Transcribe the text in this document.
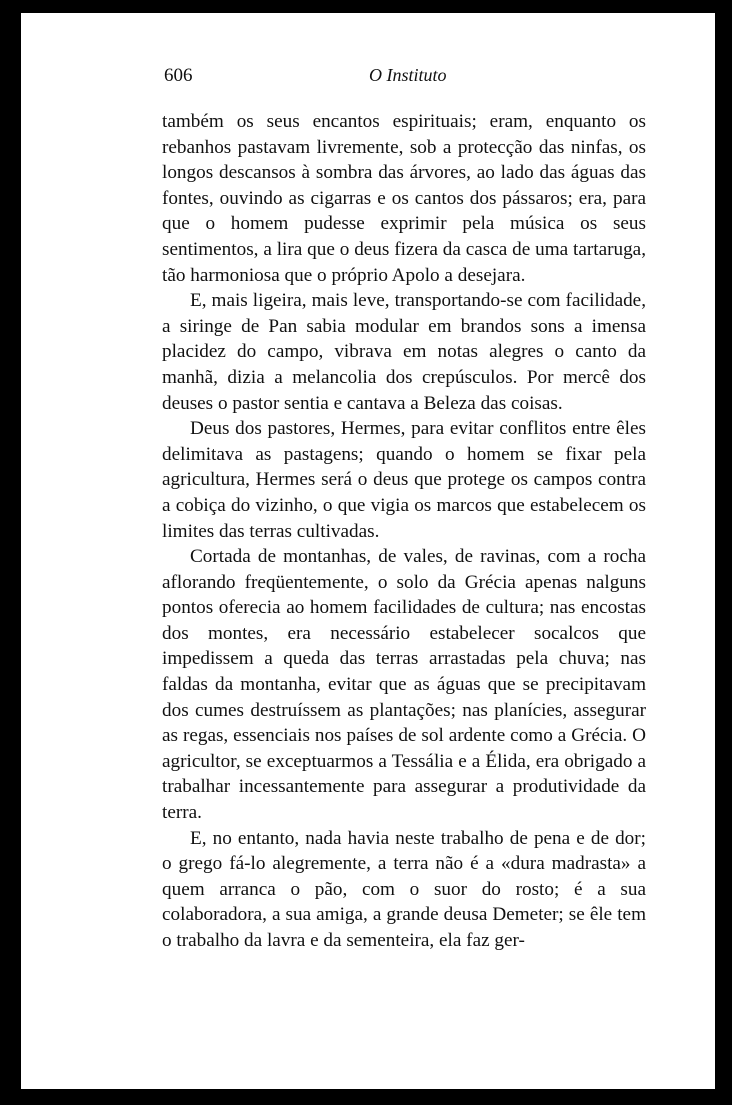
606	O Instituto

também os seus encantos espirituais; eram, enquanto os rebanhos pastavam livremente, sob a protecção das ninfas, os longos descansos à sombra das árvores, ao lado das águas das fontes, ouvindo as cigarras e os cantos dos pássaros; era, para que o homem pudesse exprimir pela música os seus sentimentos, a lira que o deus fizera da casca de uma tartaruga, tão harmoniosa que o próprio Apolo a desejara.

E, mais ligeira, mais leve, transportando-se com facilidade, a siringe de Pan sabia modular em brandos sons a imensa placidez do campo, vibrava em notas alegres o canto da manhã, dizia a melancolia dos crepúsculos. Por mercê dos deuses o pastor sentia e cantava a Beleza das coisas.

Deus dos pastores, Hermes, para evitar conflitos entre êles delimitava as pastagens; quando o homem se fixar pela agricultura, Hermes será o deus que protege os campos contra a cobiça do vizinho, o que vigia os marcos que estabelecem os limites das terras cultivadas.

Cortada de montanhas, de vales, de ravinas, com a rocha aflorando freqüentemente, o solo da Grécia apenas nalguns pontos oferecia ao homem facilidades de cultura; nas encostas dos montes, era necessário estabelecer socalcos que impedissem a queda das terras arrastadas pela chuva; nas faldas da montanha, evitar que as águas que se precipitavam dos cumes destruíssem as plantações; nas planícies, assegurar as regas, essenciais nos países de sol ardente como a Grécia. O agricultor, se exceptuarmos a Tessália e a Élida, era obrigado a trabalhar incessantemente para assegurar a produtividade da terra.

E, no entanto, nada havia neste trabalho de pena e de dor; o grego fá-lo alegremente, a terra não é a «dura madrasta» a quem arranca o pão, com o suor do rosto; é a sua colaboradora, a sua amiga, a grande deusa Demeter; se êle tem o trabalho da lavra e da sementeira, ela faz ger-
